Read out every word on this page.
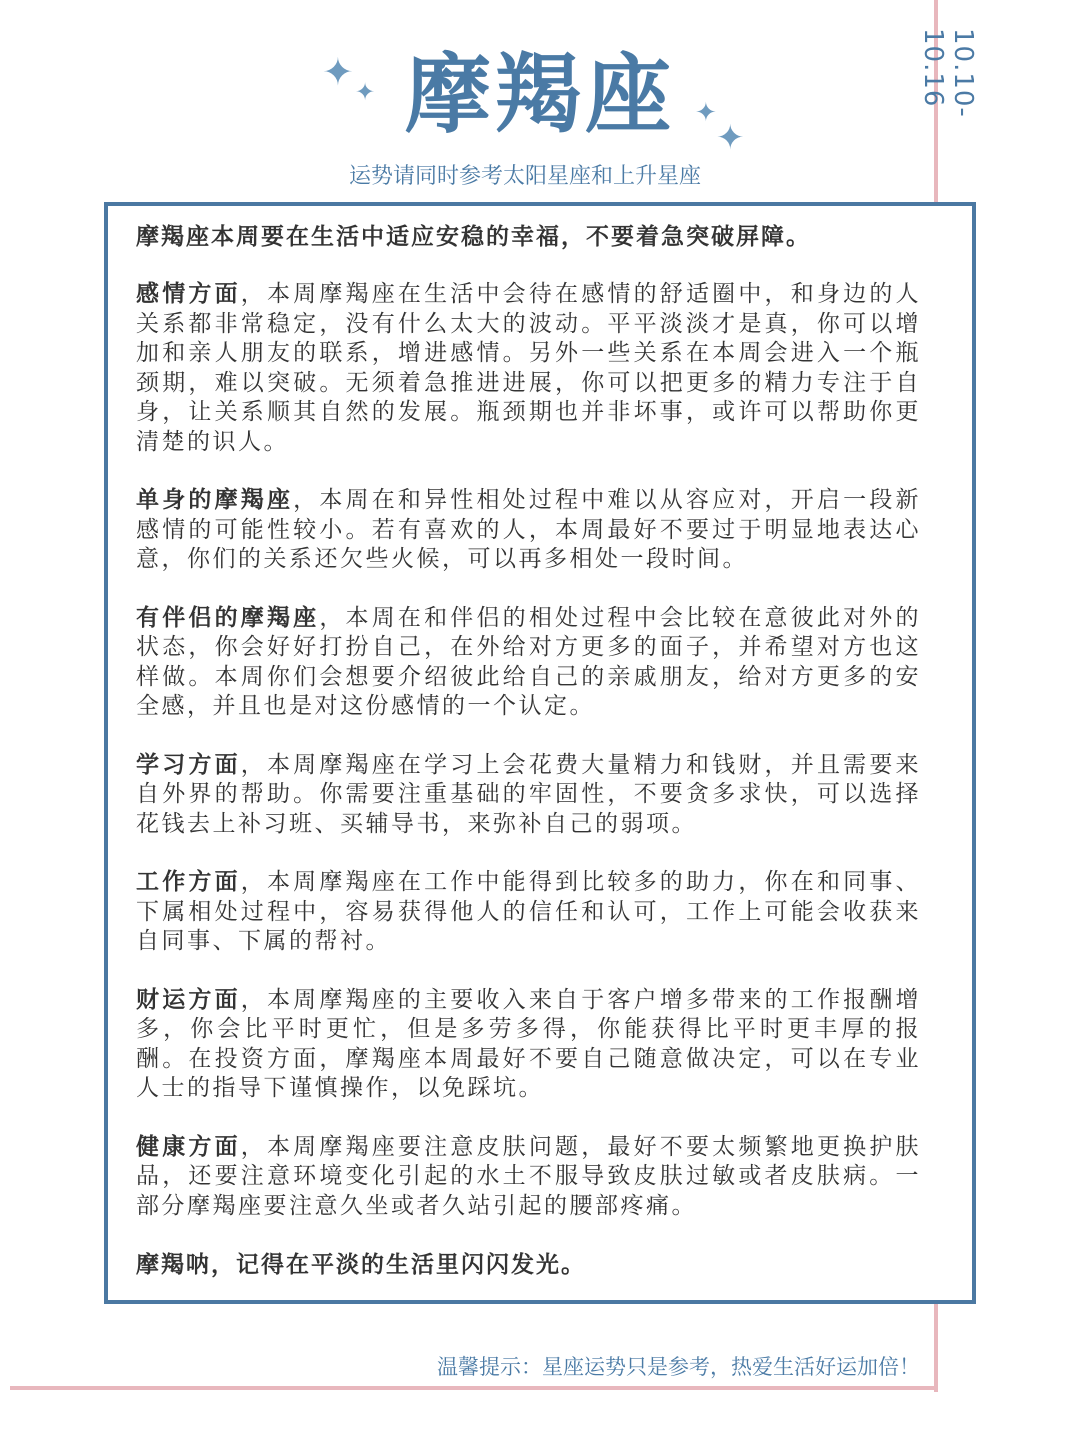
10.10-10.16
✦ ✦
✦
✦
摩羯座
运势请同时参考太阳星座和上升星座

摩羯座本周要在生活中适应安稳的幸福，不要着急突破屏障。

感情方面，本周摩羯座在生活中会待在感情的舒适圈中，和身边的人关系都非常稳定，没有什么太大的波动。平平淡淡才是真，你可以增加和亲人朋友的联系，增进感情。另外一些关系在本周会进入一个瓶颈期，难以突破。无须着急推进进展，你可以把更多的精力专注于自身，让关系顺其自然的发展。瓶颈期也并非坏事，或许可以帮助你更清楚的识人。

单身的摩羯座，本周在和异性相处过程中难以从容应对，开启一段新感情的可能性较小。若有喜欢的人，本周最好不要过于明显地表达心意，你们的关系还欠些火候，可以再多相处一段时间。

有伴侣的摩羯座，本周在和伴侣的相处过程中会比较在意彼此对外的状态，你会好好打扮自己，在外给对方更多的面子，并希望对方也这样做。本周你们会想要介绍彼此给自己的亲戚朋友，给对方更多的安全感，并且也是对这份感情的一个认定。

学习方面，本周摩羯座在学习上会花费大量精力和钱财，并且需要来自外界的帮助。你需要注重基础的牢固性，不要贪多求快，可以选择花钱去上补习班、买辅导书，来弥补自己的弱项。

工作方面，本周摩羯座在工作中能得到比较多的助力，你在和同事、下属相处过程中，容易获得他人的信任和认可，工作上可能会收获来自同事、下属的帮衬。

财运方面，本周摩羯座的主要收入来自于客户增多带来的工作报酬增多，你会比平时更忙，但是多劳多得，你能获得比平时更丰厚的报酬。在投资方面，摩羯座本周最好不要自己随意做决定，可以在专业人士的指导下谨慎操作，以免踩坑。

健康方面，本周摩羯座要注意皮肤问题，最好不要太频繁地更换护肤品，还要注意环境变化引起的水土不服导致皮肤过敏或者皮肤病。一部分摩羯座要注意久坐或者久站引起的腰部疼痛。

摩羯呐，记得在平淡的生活里闪闪发光。

温馨提示：星座运势只是参考，热爱生活好运加倍！
